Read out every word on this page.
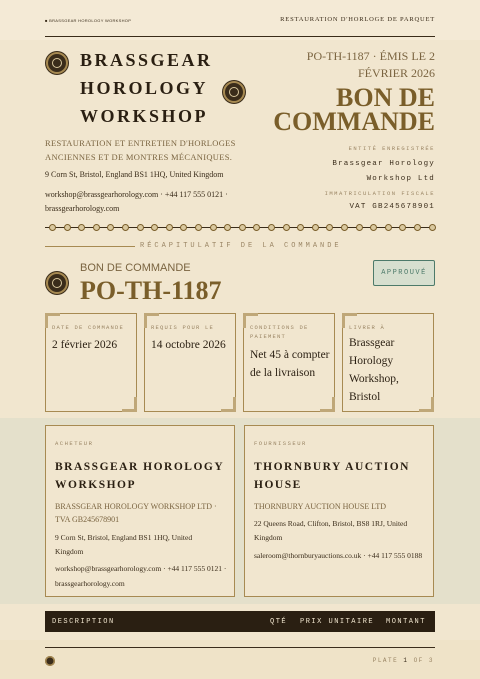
■ BRASSGEAR HOROLOGY WORKSHOP	RESTAURATION D'HORLOGE DE PARQUET
BRASSGEAR
HOROLOGY
WORKSHOP
RESTAURATION ET ENTRETIEN D'HORLOGES ANCIENNES ET DE MONTRES MÉCANIQUES.
9 Corn St, Bristol, England BS1 1HQ, United Kingdom
workshop@brassgearhorology.com · +44 117 555 0121 · brassgearhorology.com
PO-TH-1187 · ÉMIS LE 2
FÉVRIER 2026
BON DE
COMMANDE
ENTITÉ ENREGISTRÉE
Brassgear Horology
Workshop Ltd
IMMATRICULATION FISCALE
VAT GB245678901
RÉCAPITULATIF DE LA COMMANDE
BON DE COMMANDE
PO-TH-1187
APPROUVÉ
DATE DE COMMANDE
2 février 2026
REQUIS POUR LE
14 octobre 2026
CONDITIONS DE PAIEMENT
Net 45 à compter de la livraison
LIVRER À
Brassgear Horology Workshop, Bristol
ACHETEUR
BRASSGEAR HOROLOGY WORKSHOP
BRASSGEAR HOROLOGY WORKSHOP LTD · TVA GB245678901
9 Corn St, Bristol, England BS1 1HQ, United Kingdom
workshop@brassgearhorology.com · +44 117 555 0121 · brassgearhorology.com
FOURNISSEUR
THORNBURY AUCTION HOUSE
THORNBURY AUCTION HOUSE LTD
22 Queens Road, Clifton, Bristol, BS8 1RJ, United Kingdom
saleroom@thornburyauctions.co.uk · +44 117 555 0188
DESCRIPTION	QTÉ PRIX UNITAIRE MONTANT
PLATE 1 OF 3
